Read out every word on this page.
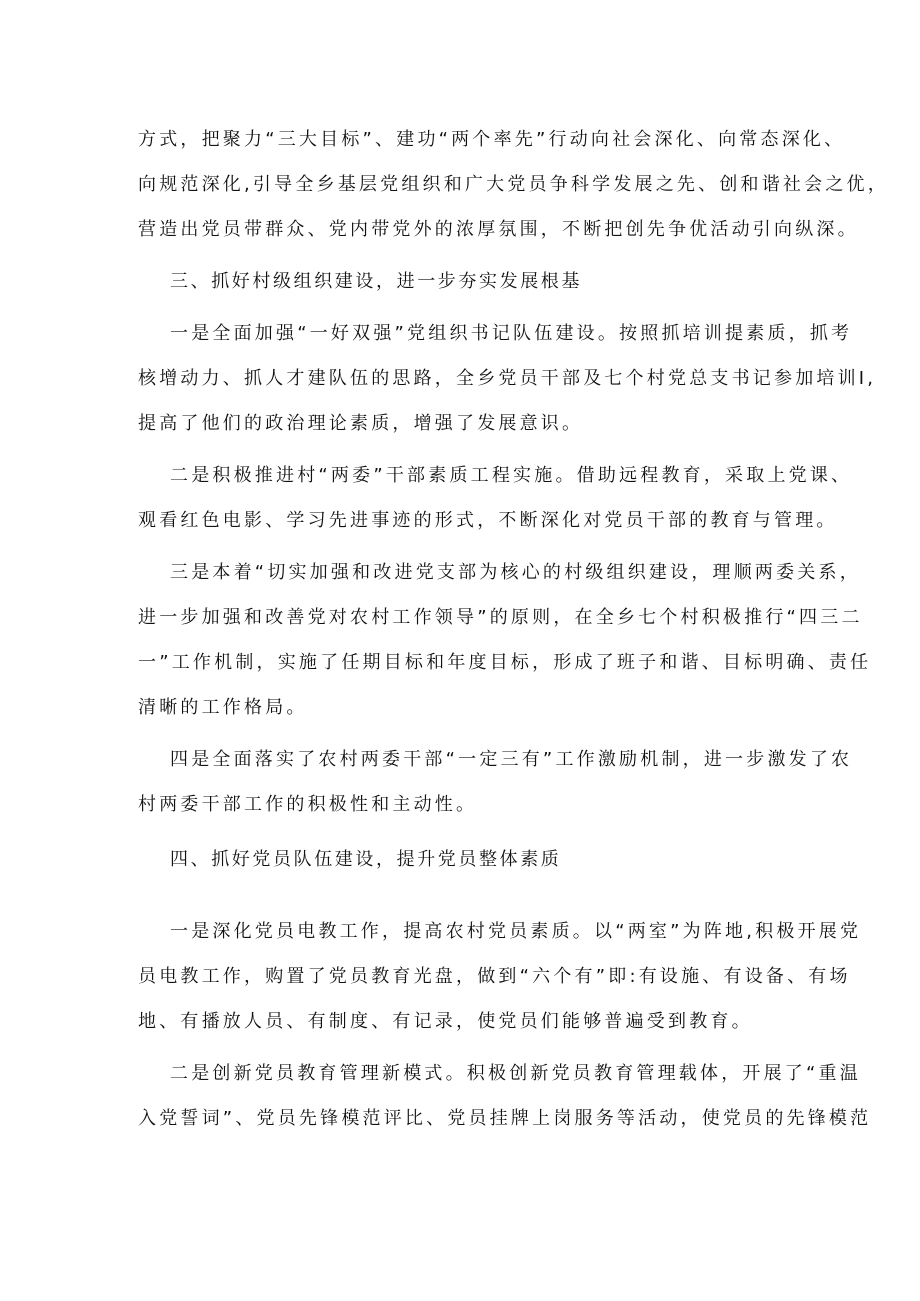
方式，把聚力“三大目标”、建功“两个率先”行动向社会深化、向常态深化、
向规范深化,引导全乡基层党组织和广大党员争科学发展之先、创和谐社会之优，
营造出党员带群众、党内带党外的浓厚氛围，不断把创先争优活动引向纵深。
三、抓好村级组织建设，进一步夯实发展根基
一是全面加强“一好双强”党组织书记队伍建设。按照抓培训提素质，抓考
核增动力、抓人才建队伍的思路，全乡党员干部及七个村党总支书记参加培训Ⅰ,
提高了他们的政治理论素质，增强了发展意识。
二是积极推进村“两委”干部素质工程实施。借助远程教育，采取上党课、
观看红色电影、学习先进事迹的形式，不断深化对党员干部的教育与管理。
三是本着“切实加强和改进党支部为核心的村级组织建设，理顺两委关系，
进一步加强和改善党对农村工作领导”的原则，在全乡七个村积极推行“四三二
一”工作机制，实施了任期目标和年度目标，形成了班子和谐、目标明确、责任
清晰的工作格局。
四是全面落实了农村两委干部“一定三有”工作激励机制，进一步激发了农
村两委干部工作的积极性和主动性。
四、抓好党员队伍建设，提升党员整体素质
一是深化党员电教工作，提高农村党员素质。以“两室”为阵地,积极开展党
员电教工作，购置了党员教育光盘，做到“六个有”即:有设施、有设备、有场
地、有播放人员、有制度、有记录，使党员们能够普遍受到教育。
二是创新党员教育管理新模式。积极创新党员教育管理载体，开展了“重温
入党誓词”、党员先锋模范评比、党员挂牌上岗服务等活动，使党员的先锋模范
